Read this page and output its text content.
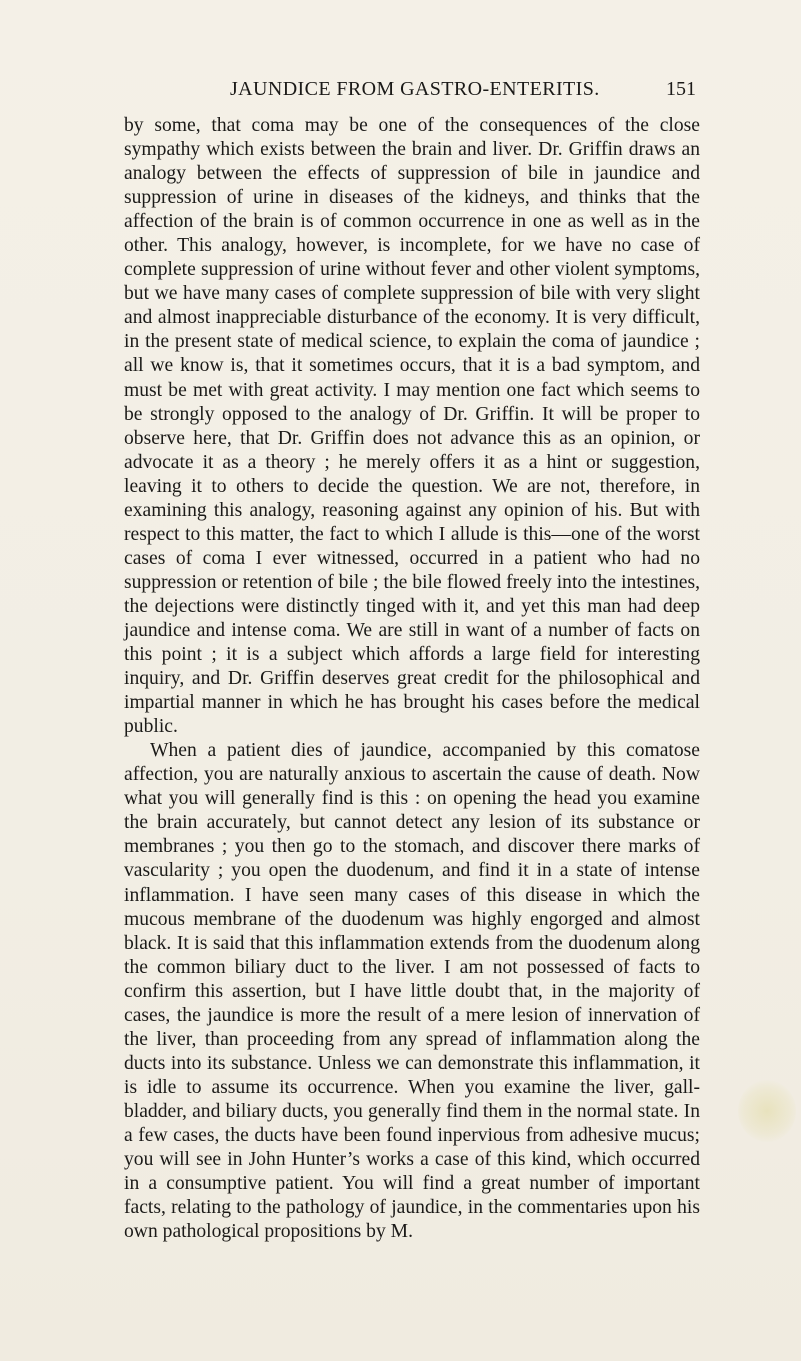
JAUNDICE FROM GASTRO-ENTERITIS.	151

by some, that coma may be one of the consequences of the close sympathy which exists between the brain and liver. Dr. Griffin draws an analogy between the effects of suppression of bile in jaundice and suppression of urine in diseases of the kidneys, and thinks that the affection of the brain is of common occurrence in one as well as in the other. This analogy, however, is incomplete, for we have no case of complete suppression of urine without fever and other violent symptoms, but we have many cases of complete suppression of bile with very slight and almost inappreciable disturbance of the economy. It is very difficult, in the present state of medical science, to explain the coma of jaundice ; all we know is, that it sometimes occurs, that it is a bad symptom, and must be met with great activity. I may mention one fact which seems to be strongly opposed to the analogy of Dr. Griffin. It will be proper to observe here, that Dr. Griffin does not advance this as an opinion, or advocate it as a theory ; he merely offers it as a hint or suggestion, leaving it to others to decide the question. We are not, therefore, in examining this analogy, reasoning against any opinion of his. But with respect to this matter, the fact to which I allude is this—one of the worst cases of coma I ever witnessed, occurred in a patient who had no suppression or retention of bile ; the bile flowed freely into the intestines, the dejections were distinctly tinged with it, and yet this man had deep jaundice and intense coma. We are still in want of a number of facts on this point ; it is a subject which affords a large field for interesting inquiry, and Dr. Griffin deserves great credit for the philosophical and impartial manner in which he has brought his cases before the medical public.

When a patient dies of jaundice, accompanied by this comatose affection, you are naturally anxious to ascertain the cause of death. Now what you will generally find is this : on opening the head you examine the brain accurately, but cannot detect any lesion of its substance or membranes ; you then go to the stomach, and discover there marks of vascularity ; you open the duodenum, and find it in a state of intense inflammation. I have seen many cases of this disease in which the mucous membrane of the duodenum was highly engorged and almost black. It is said that this inflammation extends from the duodenum along the common biliary duct to the liver. I am not possessed of facts to confirm this assertion, but I have little doubt that, in the majority of cases, the jaundice is more the result of a mere lesion of innervation of the liver, than proceeding from any spread of inflammation along the ducts into its substance. Unless we can demonstrate this inflammation, it is idle to assume its occurrence. When you examine the liver, gall-bladder, and biliary ducts, you generally find them in the normal state. In a few cases, the ducts have been found inpervious from adhesive mucus; you will see in John Hunter’s works a case of this kind, which occurred in a consumptive patient. You will find a great number of important facts, relating to the pathology of jaundice, in the commentaries upon his own pathological propositions by M.
